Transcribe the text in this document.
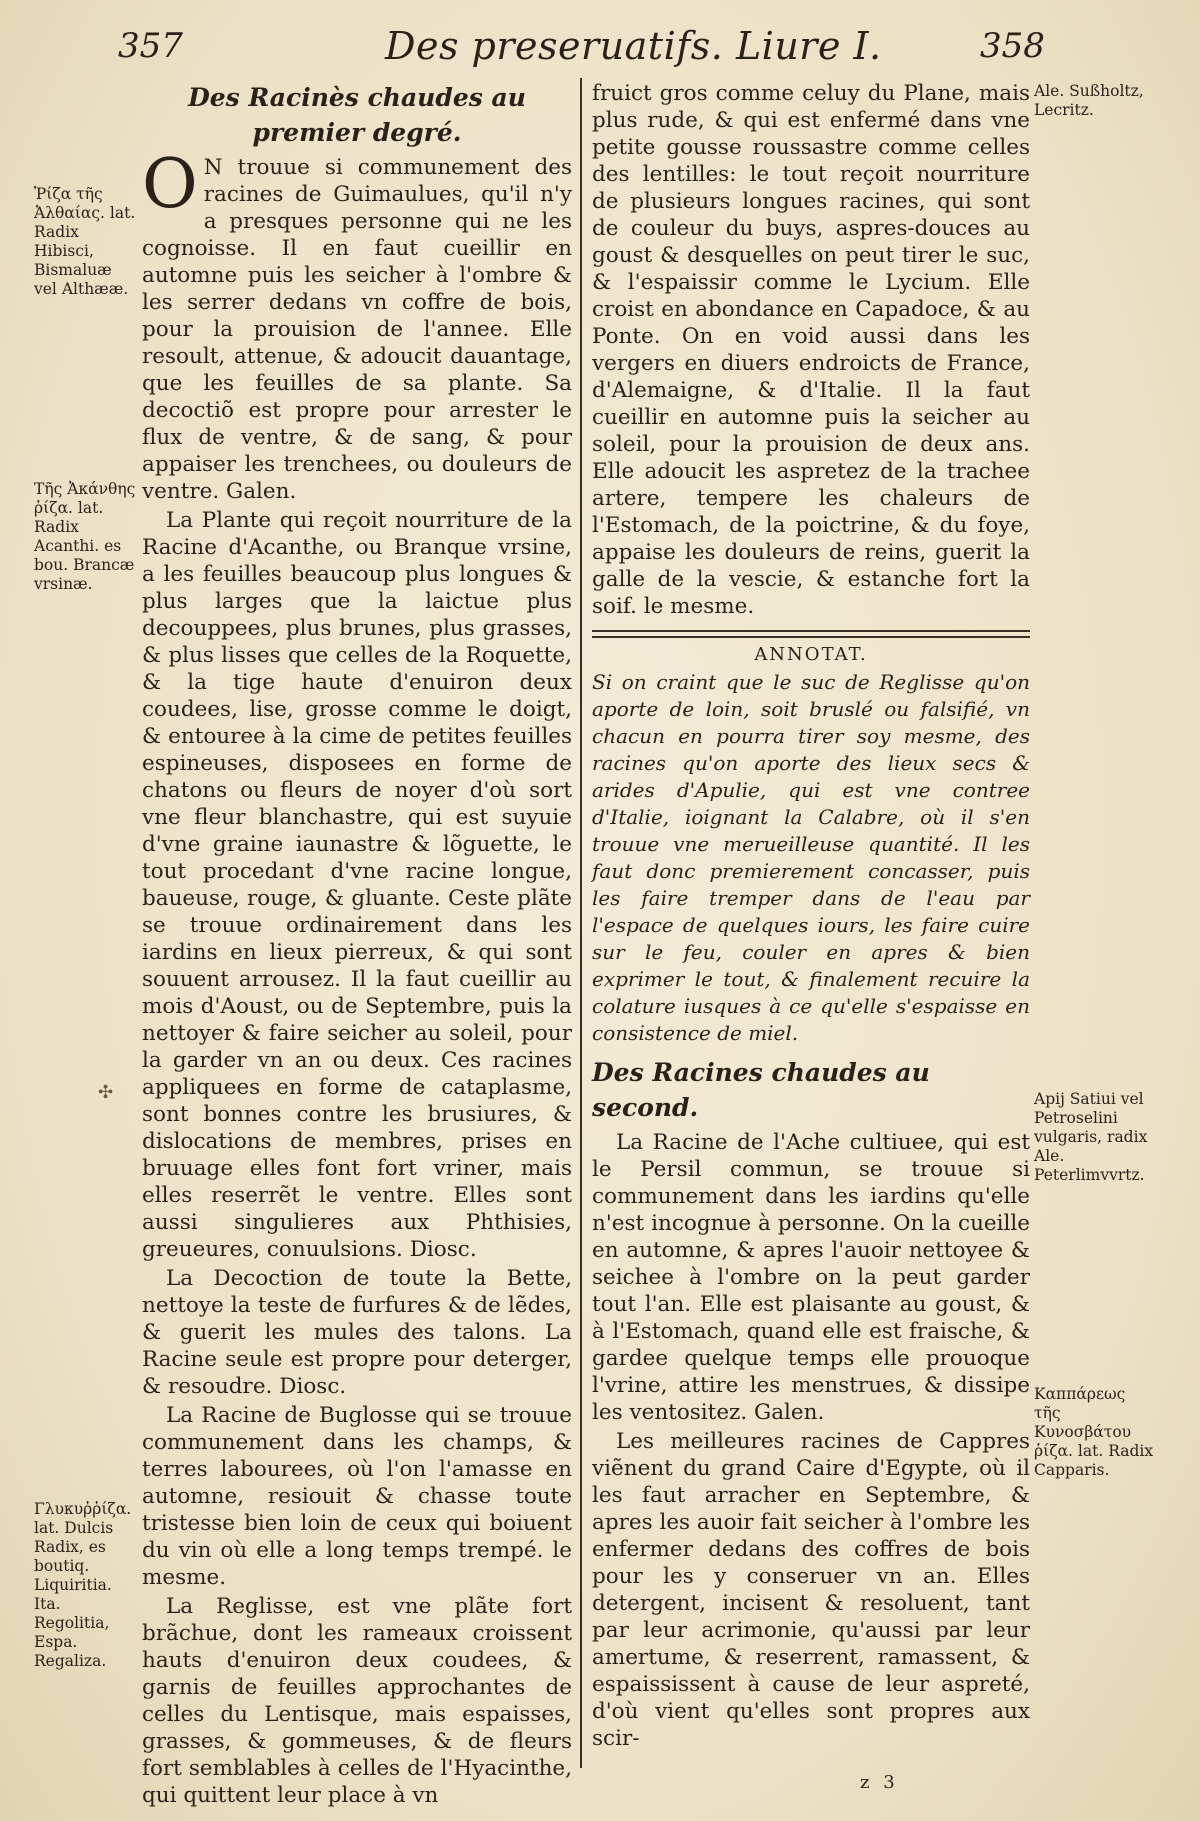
357	Des preseruatifs. Liure I.	358
Ῥίζα τῆς Ἀλθαίας. lat. Radix Hibisci, Bismaluæ vel Althææ.
Τῆς Ἀκάνθης ῥίζα. lat. Radix Acanthi. es bou. Brancæ vrsinæ.
Γλυκυῤῥίζα. lat. Dulcis Radix, es boutiq. Liquiritia. Ita. Regolitia, Espa. Regaliza.
Ale. Sußholtz, Lecritz.
Apij Satiui vel Petroselini vulgaris, radix Ale. Peterlimvvrtz.
Καππάρεως τῆς Κυνοσβάτου ῥίζα. lat. Radix Capparis.
✣
Des Racinès chaudes au premier degré.

O N trouue si communement des racines de Guimaulues, qu'il n'y a presques personne qui ne les cognoisse. Il en faut cueillir en automne puis les seicher à l'ombre & les serrer dedans vn coffre de bois, pour la prouision de l'annee. Elle resoult, attenue, & adoucit dauantage, que les feuilles de sa plante. Sa decoctiõ est propre pour arrester le flux de ventre, & de sang, & pour appaiser les trenchees, ou douleurs de ventre. Galen.

La Plante qui reçoit nourriture de la Racine d'Acanthe, ou Branque vrsine, a les feuilles beaucoup plus longues & plus larges que la laictue plus decouppees, plus brunes, plus grasses, & plus lisses que celles de la Roquette, & la tige haute d'enuiron deux coudees, lise, grosse comme le doigt, & entouree à la cime de petites feuilles espineuses, disposees en forme de chatons ou fleurs de noyer d'où sort vne fleur blanchastre, qui est suyuie d'vne graine iaunastre & lõguette, le tout procedant d'vne racine longue, baueuse, rouge, & gluante. Ceste plãte se trouue ordinairement dans les iardins en lieux pierreux, & qui sont souuent arrousez. Il la faut cueillir au mois d'Aoust, ou de Septembre, puis la nettoyer & faire seicher au soleil, pour la garder vn an ou deux. Ces racines appliquees en forme de cataplasme, sont bonnes contre les brusiures, & dislocations de membres, prises en bruuage elles font fort vriner, mais elles reserrẽt le ventre. Elles sont aussi singulieres aux Phthisies, greueures, conuulsions. Diosc.

La Decoction de toute la Bette, nettoye la teste de furfures & de lẽdes, & guerit les mules des talons. La Racine seule est propre pour deterger, & resoudre. Diosc.

La Racine de Buglosse qui se trouue communement dans les champs, & terres labourees, où l'on l'amasse en automne, resiouit & chasse toute tristesse bien loin de ceux qui boiuent du vin où elle a long temps trempé. le mesme.

La Reglisse, est vne plãte fort brãchue, dont les rameaux croissent hauts d'enuiron deux coudees, & garnis de feuilles approchantes de celles du Lentisque, mais espaisses, grasses, & gommeuses, & de fleurs fort semblables à celles de l'Hyacinthe, qui quittent leur place à vn

fruict gros comme celuy du Plane, mais plus rude, & qui est enfermé dans vne petite gousse roussastre comme celles des lentilles: le tout reçoit nourriture de plusieurs longues racines, qui sont de couleur du buys, aspres-douces au goust & desquelles on peut tirer le suc, & l'espaissir comme le Lycium. Elle croist en abondance en Capadoce, & au Ponte. On en void aussi dans les vergers en diuers endroicts de France, d'Alemaigne, & d'Italie. Il la faut cueillir en automne puis la seicher au soleil, pour la prouision de deux ans. Elle adoucit les aspretez de la trachee artere, tempere les chaleurs de l'Estomach, de la poictrine, & du foye, appaise les douleurs de reins, guerit la galle de la vescie, & estanche fort la soif. le mesme.

ANNOTAT.

Si on craint que le suc de Reglisse qu'on aporte de loin, soit bruslé ou falsifié, vn chacun en pourra tirer soy mesme, des racines qu'on aporte des lieux secs & arides d'Apulie, qui est vne contree d'Italie, ioignant la Calabre, où il s'en trouue vne merueilleuse quantité. Il les faut donc premierement concasser, puis les faire tremper dans de l'eau par l'espace de quelques iours, les faire cuire sur le feu, couler en apres & bien exprimer le tout, & finalement recuire la colature iusques à ce qu'elle s'espaisse en consistence de miel.

Des Racines chaudes au second.

La Racine de l'Ache cultiuee, qui est le Persil commun, se trouue si communement dans les iardins qu'elle n'est incognue à personne. On la cueille en automne, & apres l'auoir nettoyee & seichee à l'ombre on la peut garder tout l'an. Elle est plaisante au goust, & à l'Estomach, quand elle est fraische, & gardee quelque temps elle prouoque l'vrine, attire les menstrues, & dissipe les ventositez. Galen.

Les meilleures racines de Cappres viẽnent du grand Caire d'Egypte, où il les faut arracher en Septembre, & apres les auoir fait seicher à l'ombre les enfermer dedans des coffres de bois pour les y conseruer vn an. Elles detergent, incisent & resoluent, tant par leur acrimonie, qu'aussi par leur amertume, & reserrent, ramassent, & espaississent à cause de leur aspreté, d'où vient qu'elles sont propres aux scir-

z 3
